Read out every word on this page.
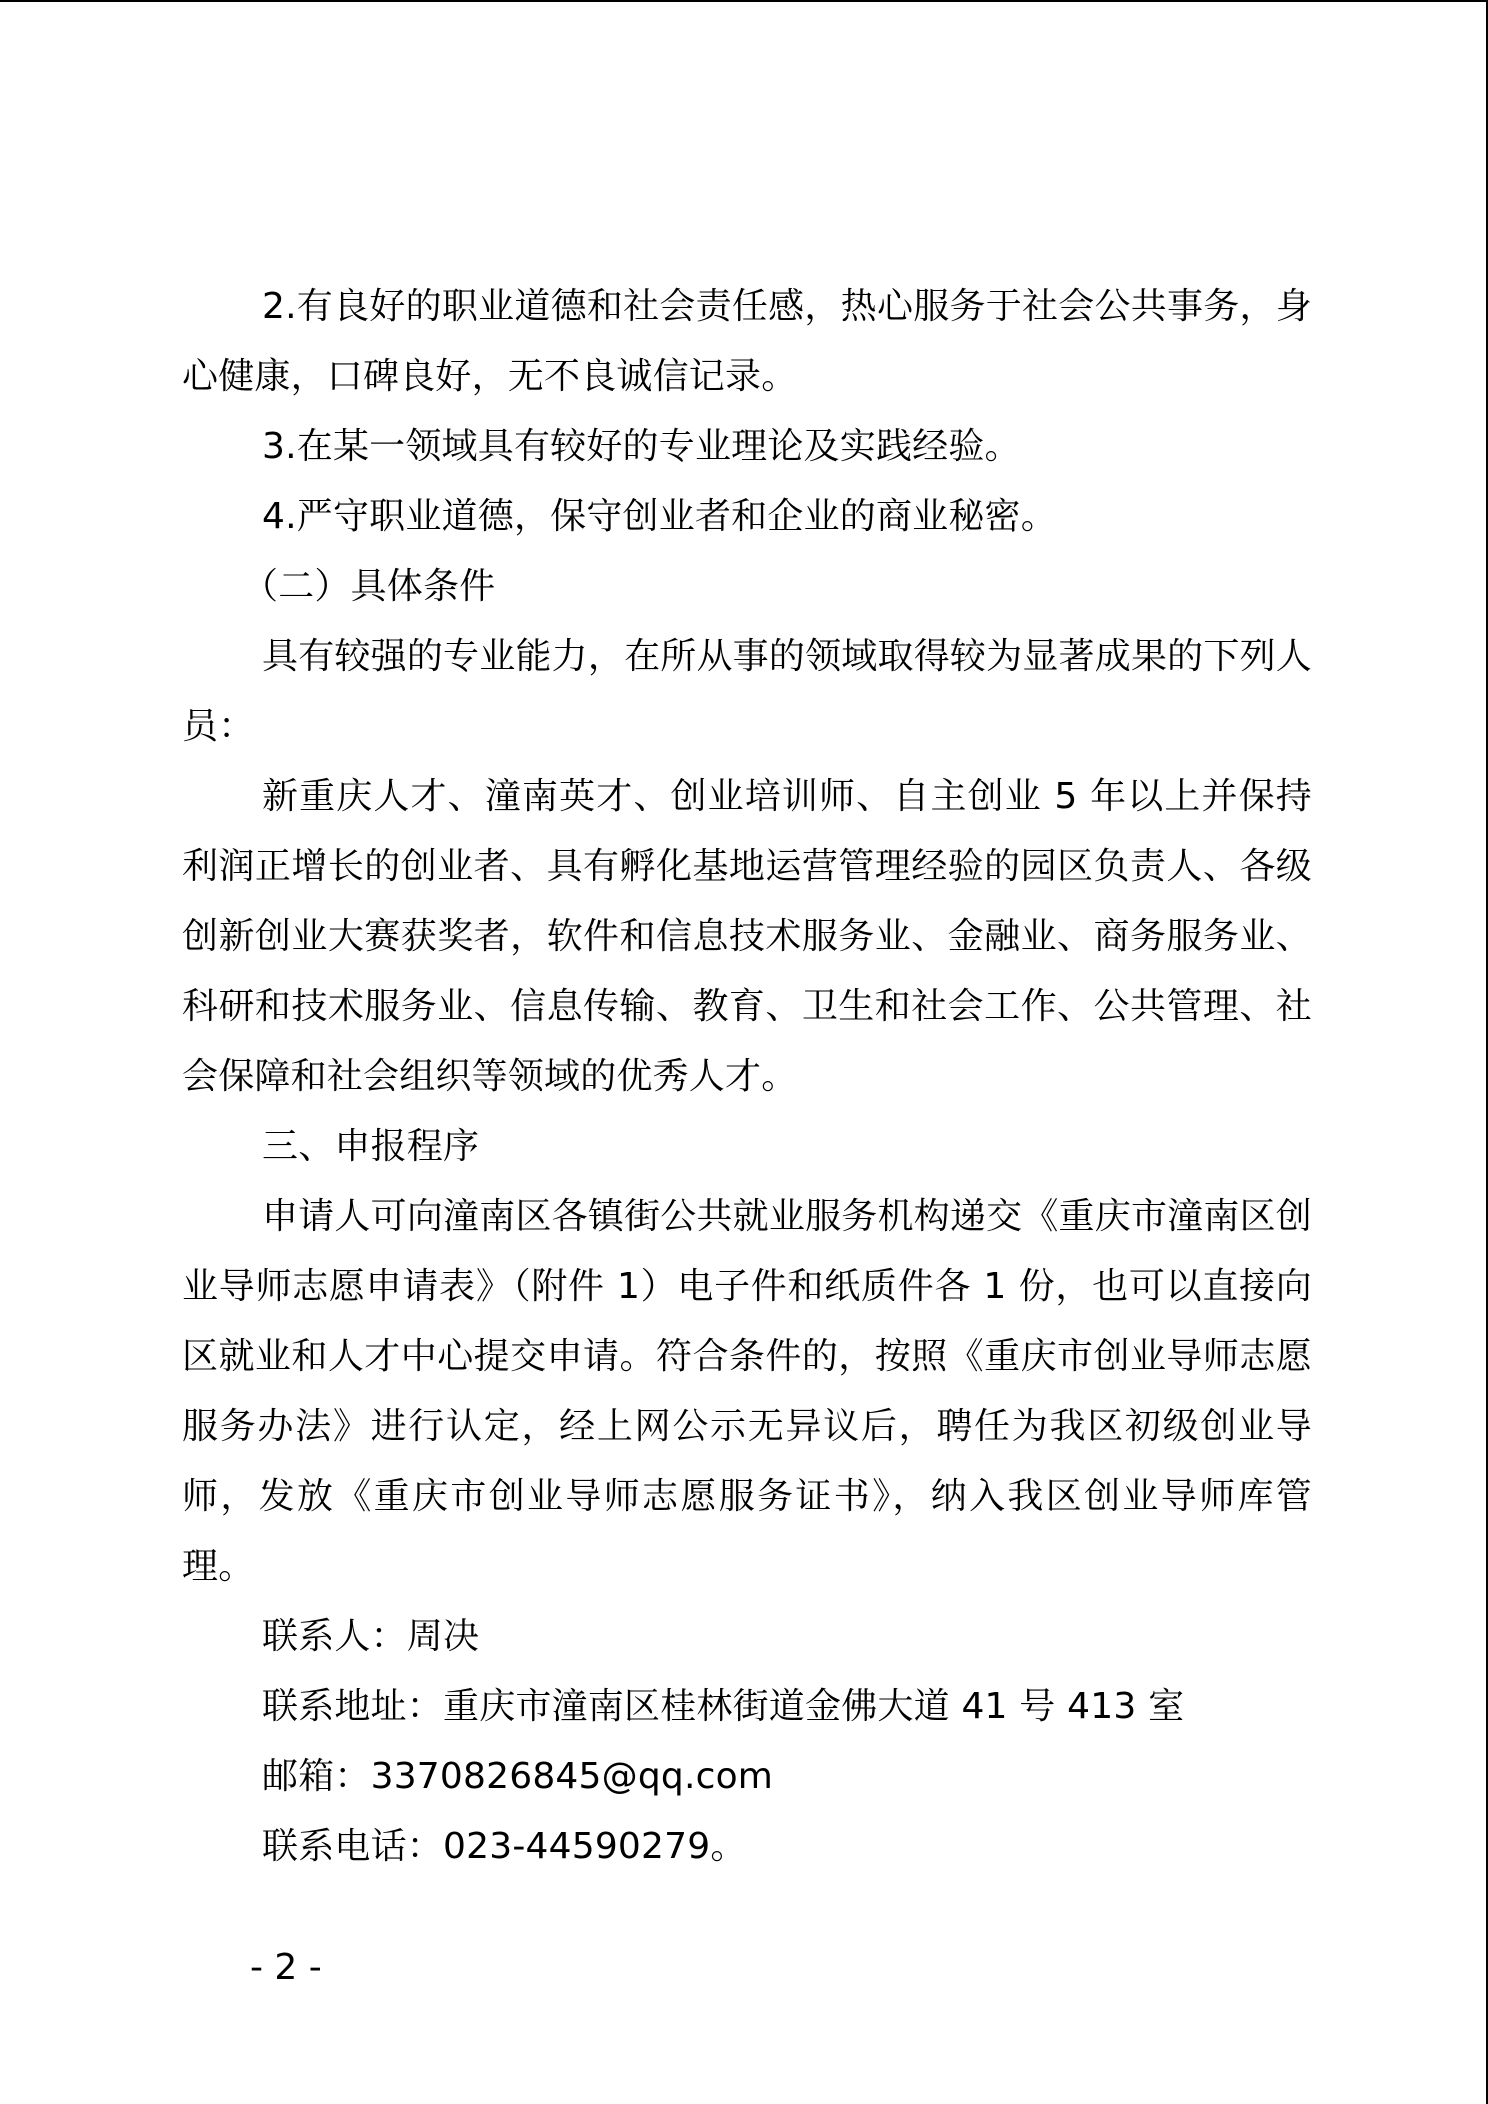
2.有良好的职业道德和社会责任感，热心服务于社会公共事务，身心健康，口碑良好，无不良诚信记录。

3.在某一领域具有较好的专业理论及实践经验。

4.严守职业道德，保守创业者和企业的商业秘密。

（二）具体条件

具有较强的专业能力，在所从事的领域取得较为显著成果的下列人员：

新重庆人才、潼南英才、创业培训师、自主创业 5 年以上并保持利润正增长的创业者、具有孵化基地运营管理经验的园区负责人、各级创新创业大赛获奖者，软件和信息技术服务业、金融业、商务服务业、科研和技术服务业、信息传输、教育、卫生和社会工作、公共管理、社会保障和社会组织等领域的优秀人才。

三、申报程序

申请人可向潼南区各镇街公共就业服务机构递交《重庆市潼南区创业导师志愿申请表》（附件 1）电子件和纸质件各 1 份，也可以直接向区就业和人才中心提交申请。符合条件的，按照《重庆市创业导师志愿服务办法》进行认定，经上网公示无异议后，聘任为我区初级创业导师，发放《重庆市创业导师志愿服务证书》，纳入我区创业导师库管理。

联系人：周决

联系地址：重庆市潼南区桂林街道金佛大道 41 号 413 室

邮箱：3370826845@qq.com

联系电话：023-44590279。

- 2 -
